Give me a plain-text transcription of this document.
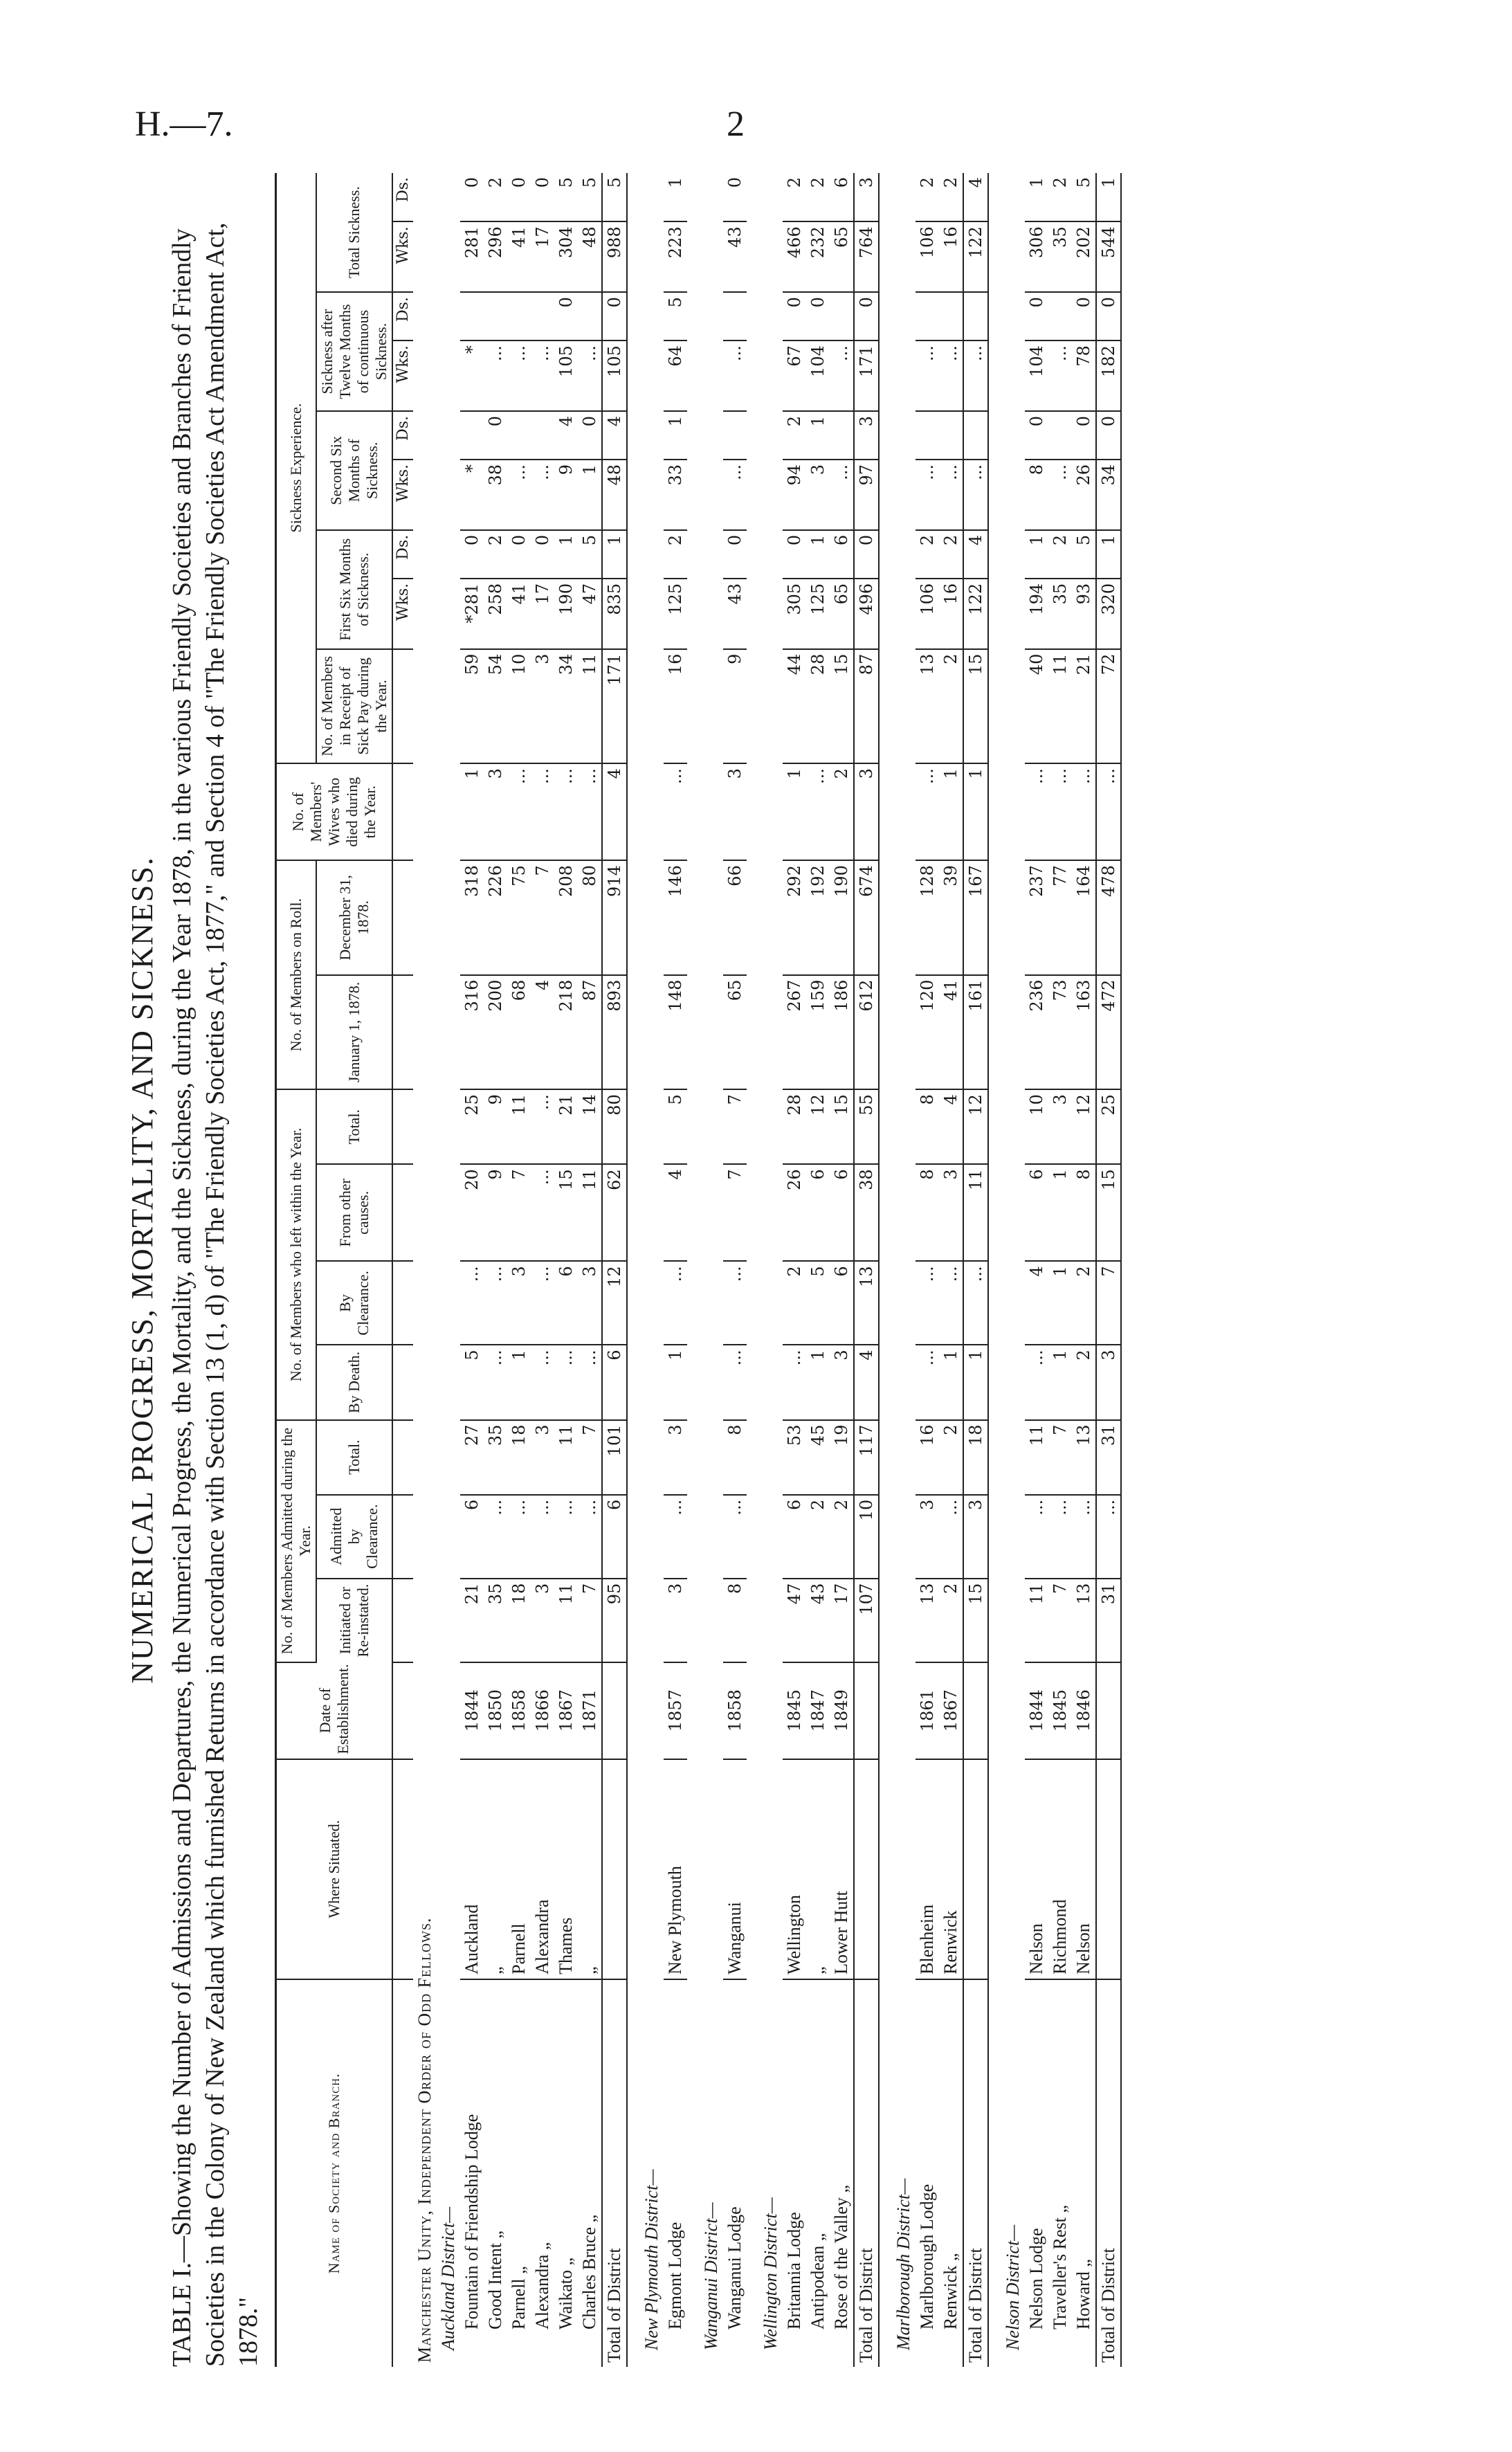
H.—7.	2
NUMERICAL PROGRESS, MORTALITY, AND SICKNESS. TABLE I.—Showing the Number of Admissions and Departures, the Numerical Progress, the Mortality, and the Sickness, during the Year 1878, in the various Friendly Societies and Branches of Friendly Societies in the Colony of New Zealand which furnished Returns in accordance with Section 13 (1, d) of "The Friendly Societies Act, 1877," and Section 4 of "The Friendly Societies Act Amendment Act, 1878."
Name of Society and Branch.	Where Situated.	Date of Establishment.	No. of Members Admitted during the Year.			No. of Members who left within the Year.				No. of Members on Roll.		No. of Members' Wives who died during the Year.	Sickness Experience.								
			Initiated or Re-instated.	Admitted by Clearance.	Total.	By Death.	By Clearance.	From other causes.	Total.	January 1, 1878.	December 31, 1878.		No. of Members in Receipt of Sick Pay during the Year.	First Six Months of Sickness.		Second Six Months of Sickness.		Sickness after Twelve Months of continuous Sickness.		Total Sickness.	
														Wks.	Ds.	Wks.	Ds.	Wks.	Ds.	Wks.	Ds.
Manchester Unity, Independent Order of Odd Fellows.																					
Auckland District—																					
Fountain of Friendship Lodge	Auckland	1844	21	6	27	5	...	20	25	316	318	1	59	*281	0	*		*		281	0
Good Intent „	„	1850	35	...	35	...	...	9	9	200	226	3	54	258	2	38	0	...		296	2
Parnell „	Parnell	1858	18	...	18	1	3	7	11	68	75	...	10	41	0	...		...		41	0
Alexandra „	Alexandra	1866	3	...	3	...	...	...	...	4	7	...	3	17	0	...		...		17	0
Waikato „	Thames	1867	11	...	11	...	6	15	21	218	208	...	34	190	1	9	4	105	0	304	5
Charles Bruce „	„	1871	7	...	7	...	3	11	14	87	80	...	11	47	5	1	0	...		48	5
Total of District			95	6	101	6	12	62	80	893	914	4	171	835	1	48	4	105	0	988	5

New Plymouth District—																					
Egmont Lodge	New Plymouth	1857	3	...	3	1	...	4	5	148	146	...	16	125	2	33	1	64	5	223	1

Wanganui District—																					
Wanganui Lodge	Wanganui	1858	8	...	8	...	...	7	7	65	66	3	9	43	0	...		...		43	0

Wellington District—																					
Britannia Lodge	Wellington	1845	47	6	53	...	2	26	28	267	292	1	44	305	0	94	2	67	0	466	2
Antipodean „	„	1847	43	2	45	1	5	6	12	159	192	...	28	125	1	3	1	104	0	232	2
Rose of the Valley „	Lower Hutt	1849	17	2	19	3	6	6	15	186	190	2	15	65	6	...		...		65	6
Total of District			107	10	117	4	13	38	55	612	674	3	87	496	0	97	3	171	0	764	3

Marlborough District—																					
Marlborough Lodge	Blenheim	1861	13	3	16	...	...	8	8	120	128	...	13	106	2	...		...		106	2
Renwick „	Renwick	1867	2	...	2	1	...	3	4	41	39	1	2	16	2	...		...		16	2
Total of District			15	3	18	1	...	11	12	161	167	1	15	122	4	...		...		122	4

Nelson District—																					
Nelson Lodge	Nelson	1844	11	...	11	...	4	6	10	236	237	...	40	194	1	8	0	104	0	306	1
Traveller's Rest „	Richmond	1845	7	...	7	1	1	1	3	73	77	...	11	35	2	...		...		35	2
Howard „	Nelson	1846	13	...	13	2	2	8	12	163	164	...	21	93	5	26	0	78	0	202	5
Total of District			31	...	31	3	7	15	25	472	478	...	72	320	1	34	0	182	0	544	1
